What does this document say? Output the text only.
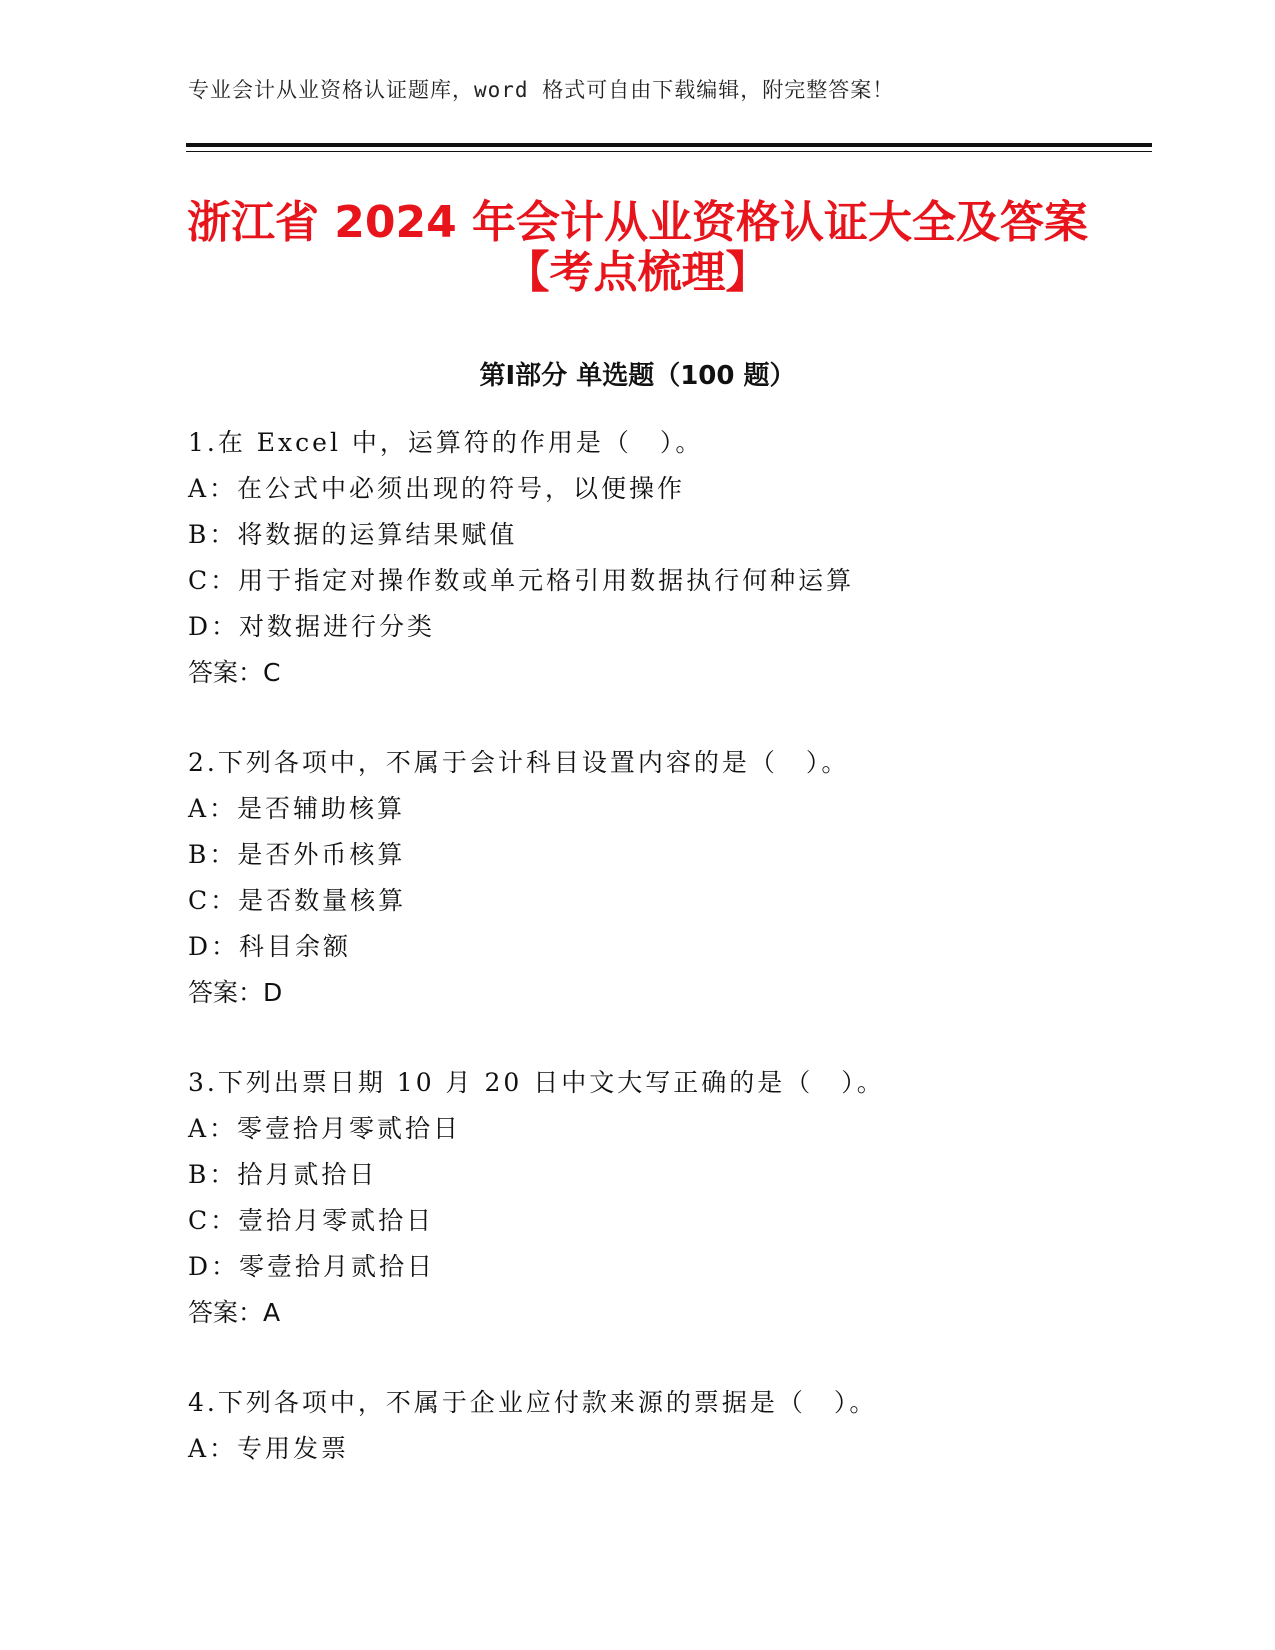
专业会计从业资格认证题库，word 格式可自由下载编辑，附完整答案！
浙江省 2024 年会计从业资格认证大全及答案
【考点梳理】
第Ⅰ部分 单选题（100 题）
1.在 Excel 中，运算符的作用是（　）。
A：在公式中必须出现的符号，以便操作
B：将数据的运算结果赋值
C：用于指定对操作数或单元格引用数据执行何种运算
D：对数据进行分类
答案：C
2.下列各项中，不属于会计科目设置内容的是（　）。
A：是否辅助核算
B：是否外币核算
C：是否数量核算
D：科目余额
答案：D
3.下列出票日期 10 月 20 日中文大写正确的是（　）。
A：零壹拾月零贰拾日
B：拾月贰拾日
C：壹拾月零贰拾日
D：零壹拾月贰拾日
答案：A
4.下列各项中，不属于企业应付款来源的票据是（　）。
A：专用发票
